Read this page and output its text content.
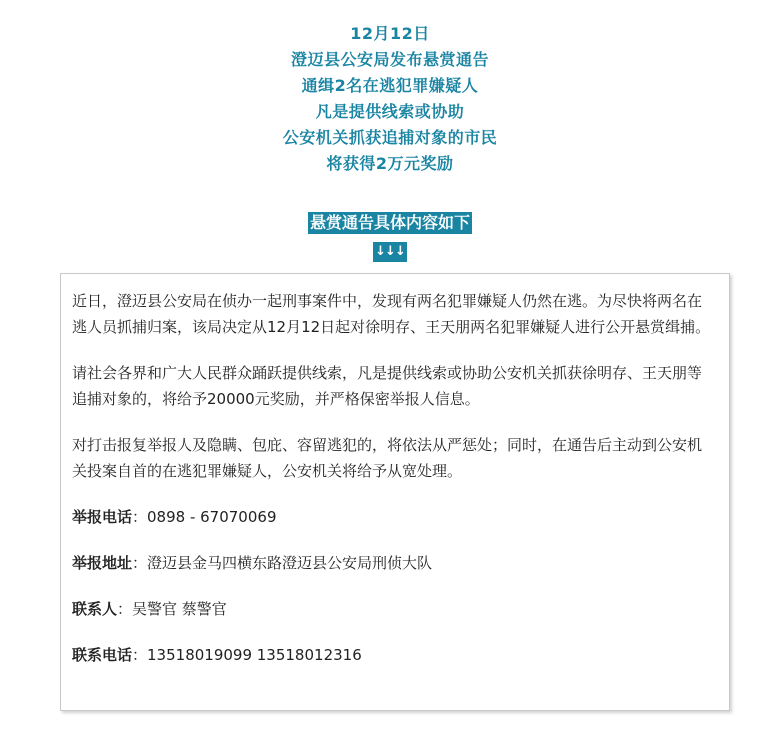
12月12日
澄迈县公安局发布悬赏通告
通缉2名在逃犯罪嫌疑人
凡是提供线索或协助
公安机关抓获追捕对象的市民
将获得2万元奖励
悬赏通告具体内容如下
↓↓↓

近日，澄迈县公安局在侦办一起刑事案件中，发现有两名犯罪嫌疑人仍然在逃。为尽快将两名在逃人员抓捕归案，该局决定从12月12日起对徐明存、王天朋两名犯罪嫌疑人进行公开悬赏缉捕。

请社会各界和广大人民群众踊跃提供线索，凡是提供线索或协助公安机关抓获徐明存、王天朋等追捕对象的，将给予20000元奖励，并严格保密举报人信息。

对打击报复举报人及隐瞒、包庇、容留逃犯的，将依法从严惩处；同时，在通告后主动到公安机关投案自首的在逃犯罪嫌疑人，公安机关将给予从宽处理。

举报电话：0898 - 67070069
举报地址：澄迈县金马四横东路澄迈县公安局刑侦大队
联系人：吴警官 蔡警官
联系电话：13518019099 13518012316
